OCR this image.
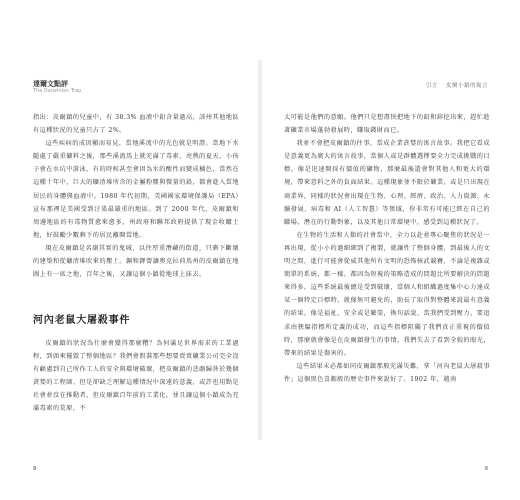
達爾文點評
The Darwinian Trap

指出：皮爾鎮的兒童中，有 38.3% 血液中鉛含量過高，該州其他地區有這種狀況的兒童只占了 2%。

這些疾病的成因顯而易見，當地溪流中的光色就是明證。當地下水隨處了嚴重礦料之後，那些溪流馬上就充滿了毒素，亮熱的夏天，小孩子會在水坑中游泳，有的時候甚至會因為水的酸性而變成橘色，當然在這種十年中，巨大的礦渣堆所含的金屬粉塵與微量的鉛，都會進入當地居民的身體與血液中。1980 年代初期，美國國家環境保護局（EPA）宣布那裡是美國受到汙染最嚴重的地區。到了 2000 年代，皮爾鎮和周邊地區的有毒物質愈來愈多，州政府和聯邦政府提供了現金收購土地，好鼓勵少數剩下的居民離開當地。

現在皮爾鎮是名副其實的鬼城，以往厚重潛藏的街道，只剩下斷壞的建築和從礦渣堆吹來的塵土。銅和鉀曾讓奧克拉荷馬州的皮爾鎮在地圖上有一席之地，百年之後，又讓這個小鎮從地球上抹去。

河內老鼠大屠殺事件

皮爾鎮的狀況為什麼會變得那麼糟？為何滿足世界需求的工業過程，到頭來摧毀了整個地區？我們會假裝那些想要賣賣礦業公司完全沒有顧慮到自己所作工人的安全與環境破壞，把皮爾鎮的悲劇歸咎於幾個貪婪的工程師，但是卻缺乏理解這種情況中深遠的意義，或許也用點是社會並沒在推動者，但皮爾鎮百年前的工業化，並且讓這個小鎮成為充滿毒素的荒原，不

8
引言 　皮爾小鎮的寓言

太可能是他們的意願。他們只是想盡快把地下的鉛和鋅挖出來，趕忙趁著礦業市場蓬勃發展時，賺取錢財而已。

我並不會把皮爾鎮的往事，當成企業貪婪的寓言故事。我把它看成是意義更為廣大的寓言故事，當個人或是群體選擇要全力完成挑戰的目標，像是迅速開採有價值的礦物，那麼最後還會對其他人和更大的環境，帶來意料之外的負面結果。這種現象並不限於礦業，或是只出現在商業界，同樣的狀況會出現在生物、心理、經濟、政治、人力資源、永續發展、病毒和 AI（人工智慧）等領域，你非常有可能已經在自己的職場，潛在的行動對象，以及其他日常環境中，感受到這種狀況了。

在生物的生活和人類的社會當中，全力以赴並專心聚焦的狀況是一再出現，從小小的過細細到了複製，就讓性了整個身體，到最後人的文明之間，進行可能會從威其他所有文明的恐怖核武競賽，不論是複雜或簡單的系統，都一樣。都因為短視的策略造成的問題比所要解決的問題來得多。這些系統最後總是受到破壞，當個人和組織過度集中心力達成某一個特定目標時，就像無可避免的，助長了取得對整體來說最有意義的結果，像是福祉，安全或是繁榮，換句話說，當我們受到壓力，要追求由狹隘指標所定義的成功，而這些指標阻礙了我們真正重視的價值時，那麼就會像是在皮爾鎮發生的事情，我們失去了看到全貌的眼光，帶來的結果是傷害的。

這些結果未必都如同皮爾鎮那般充滿災難，拿「河內老鼠大屠殺事件」這個黑色喜劇般的歷史事件來說好了。1902 年，越南

9
